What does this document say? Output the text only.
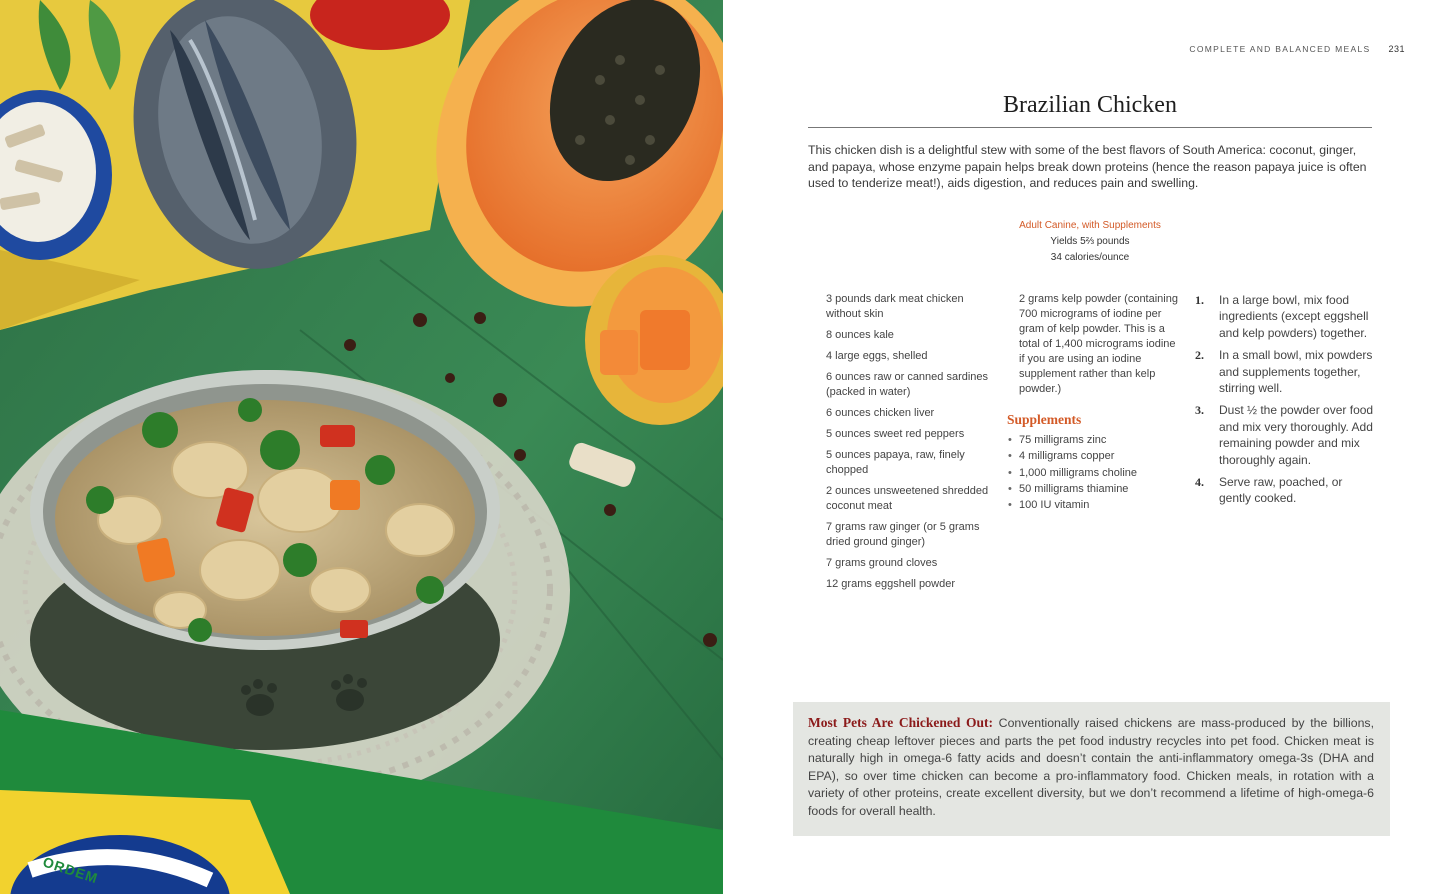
ORDEM
COMPLETE AND BALANCED MEALS 231
Brazilian Chicken

This chicken dish is a delightful stew with some of the best flavors of South America: coconut, ginger, and papaya, whose enzyme papain helps break down proteins (hence the reason papaya juice is often used to tenderize meat!), aids digestion, and reduces pain and swelling.

Adult Canine, with Supplements
Yields 5⅔ pounds
34 calories/ounce
3 pounds dark meat chicken without skin
8 ounces kale
4 large eggs, shelled
6 ounces raw or canned sardines (packed in water)
6 ounces chicken liver
5 ounces sweet red peppers
5 ounces papaya, raw, finely chopped
2 ounces unsweetened shredded coconut meat
7 grams raw ginger (or 5 grams dried ground ginger)
7 grams ground cloves
12 grams eggshell powder
2 grams kelp powder (containing 700 micrograms of iodine per gram of kelp powder. This is a total of 1,400 micrograms iodine if you are using an iodine supplement rather than kelp powder.)
Supplements
• 75 milligrams zinc
• 4 milligrams copper
• 1,000 milligrams choline
• 50 milligrams thiamine
• 100 IU vitamin
1. In a large bowl, mix food ingredients (except eggshell and kelp powders) together.
2. In a small bowl, mix powders and supplements together, stirring well.
3. Dust ½ the powder over food and mix very thoroughly. Add remaining powder and mix thoroughly again.
4. Serve raw, poached, or gently cooked.

Most Pets Are Chickened Out: Conventionally raised chickens are mass-produced by the billions, creating cheap leftover pieces and parts the pet food industry recycles into pet food. Chicken meat is naturally high in omega-6 fatty acids and doesn’t contain the anti-inflammatory omega-3s (DHA and EPA), so over time chicken can become a pro-inflammatory food. Chicken meals, in rotation with a variety of other proteins, create excellent diversity, but we don’t recommend a lifetime of high-omega-6 foods for overall health.
